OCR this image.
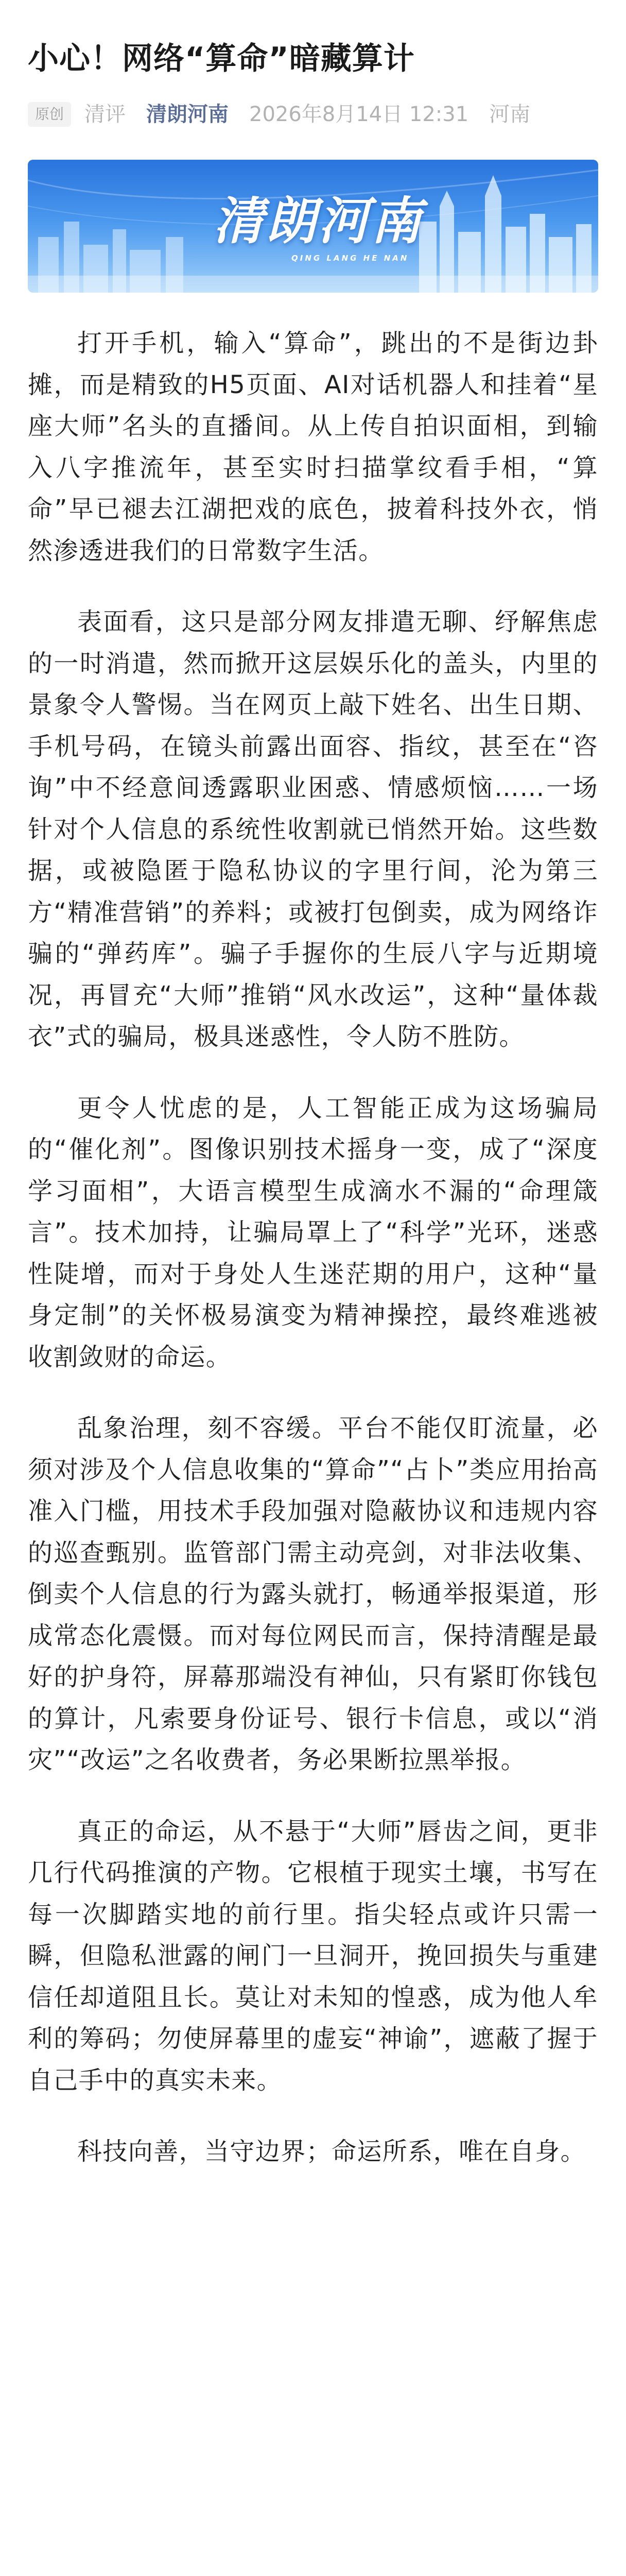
小心！网络“算命”暗藏算计
原创	清评 清朗河南 2026年8月14日 12:31 河南
清朗河南
QING LANG HE NAN

打开手机，输入“算命”，跳出的不是街边卦摊，而是精致的H5页面、AI对话机器人和挂着“星座大师”名头的直播间。从上传自拍识面相，到输入八字推流年，甚至实时扫描掌纹看手相，“算命”早已褪去江湖把戏的底色，披着科技外衣，悄然渗透进我们的日常数字生活。

表面看，这只是部分网友排遣无聊、纾解焦虑的一时消遣，然而掀开这层娱乐化的盖头，内里的景象令人警惕。当在网页上敲下姓名、出生日期、手机号码，在镜头前露出面容、指纹，甚至在“咨询”中不经意间透露职业困惑、情感烦恼……一场针对个人信息的系统性收割就已悄然开始。这些数据，或被隐匿于隐私协议的字里行间，沦为第三方“精准营销”的养料；或被打包倒卖，成为网络诈骗的“弹药库”。骗子手握你的生辰八字与近期境况，再冒充“大师”推销“风水改运”，这种“量体裁衣”式的骗局，极具迷惑性，令人防不胜防。

更令人忧虑的是，人工智能正成为这场骗局的“催化剂”。图像识别技术摇身一变，成了“深度学习面相”，大语言模型生成滴水不漏的“命理箴言”。技术加持，让骗局罩上了“科学”光环，迷惑性陡增，而对于身处人生迷茫期的用户，这种“量身定制”的关怀极易演变为精神操控，最终难逃被收割敛财的命运。

乱象治理，刻不容缓。平台不能仅盯流量，必须对涉及个人信息收集的“算命”“占卜”类应用抬高准入门槛，用技术手段加强对隐蔽协议和违规内容的巡查甄别。监管部门需主动亮剑，对非法收集、倒卖个人信息的行为露头就打，畅通举报渠道，形成常态化震慑。而对每位网民而言，保持清醒是最好的护身符，屏幕那端没有神仙，只有紧盯你钱包的算计，凡索要身份证号、银行卡信息，或以“消灾”“改运”之名收费者，务必果断拉黑举报。

真正的命运，从不悬于“大师”唇齿之间，更非几行代码推演的产物。它根植于现实土壤，书写在每一次脚踏实地的前行里。指尖轻点或许只需一瞬，但隐私泄露的闸门一旦洞开，挽回损失与重建信任却道阻且长。莫让对未知的惶惑，成为他人牟利的筹码；勿使屏幕里的虚妄“神谕”，遮蔽了握于自己手中的真实未来。

科技向善，当守边界；命运所系，唯在自身。
